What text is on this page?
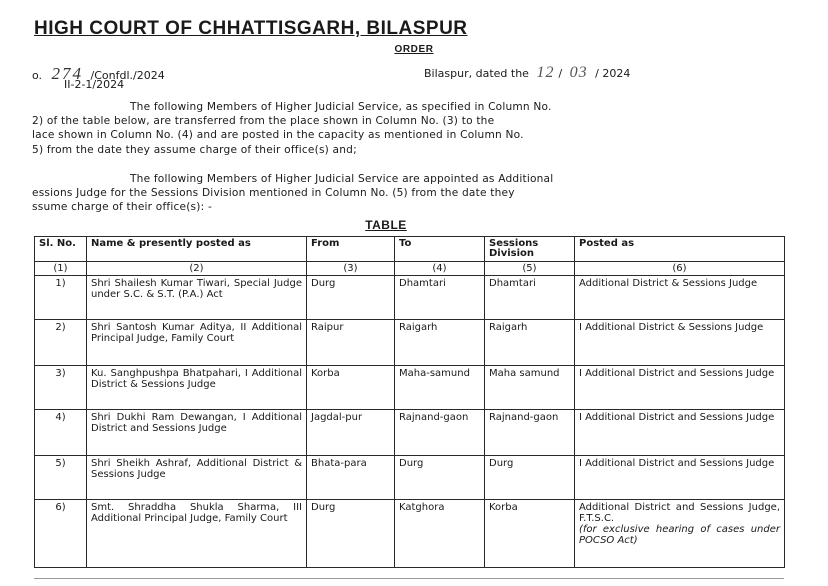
HIGH COURT OF CHHATTISGARH, BILASPUR
ORDER
o. 274 /Confdl./2024
II-2-1/2024
Bilaspur, dated the 12 / 03 / 2024
The following Members of Higher Judicial Service, as specified in Column No.
2) of the table below, are transferred from the place shown in Column No. (3) to the
lace shown in Column No. (4) and are posted in the capacity as mentioned in Column No.
5) from the date they assume charge of their office(s) and;
The following Members of Higher Judicial Service are appointed as Additional
essions Judge for the Sessions Division mentioned in Column No. (5) from the date they
ssume charge of their office(s): -
TABLE
Sl. No.	Name & presently posted as	From	To	Sessions Division	Posted as
(1)	(2)	(3)	(4)	(5)	(6)
1)	Shri Shailesh Kumar Tiwari, Special Judge under S.C. & S.T. (P.A.) Act	Durg	Dhamtari	Dhamtari	Additional District & Sessions Judge
2)	Shri Santosh Kumar Aditya, II Additional Principal Judge, Family Court	Raipur	Raigarh	Raigarh	I Additional District & Sessions Judge
3)	Ku. Sanghpushpa Bhatpahari, I Additional District & Sessions Judge	Korba	Maha-samund	Maha samund	I Additional District and Sessions Judge
4)	Shri Dukhi Ram Dewangan, I Additional District and Sessions Judge	Jagdal-pur	Rajnand-gaon	Rajnand-gaon	I Additional District and Sessions Judge
5)	Shri Sheikh Ashraf, Additional District & Sessions Judge	Bhata-para	Durg	Durg	I Additional District and Sessions Judge
6)	Smt. Shraddha Shukla Sharma, III Additional Principal Judge, Family Court	Durg	Katghora	Korba	Additional District and Sessions Judge, F.T.S.C.
(for exclusive hearing of cases under POCSO Act)
